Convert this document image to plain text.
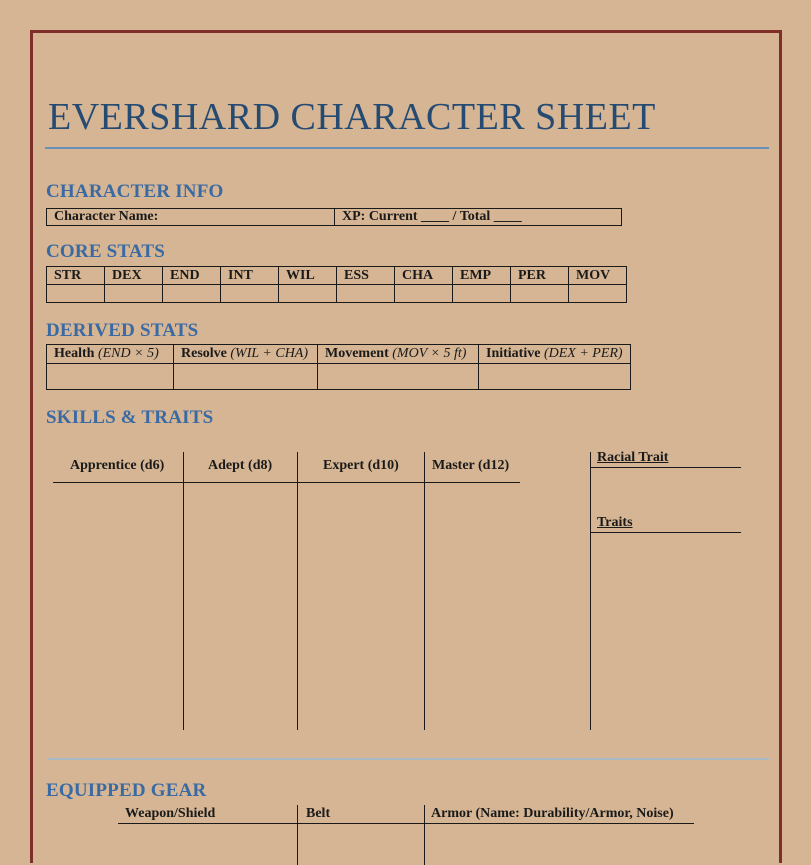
EVERSHARD CHARACTER SHEET
CHARACTER INFO
Character Name:	XP: Current ____ / Total ____
CORE STATS
STR	DEX	END	INT	WIL	ESS	CHA	EMP	PER	MOV

DERIVED STATS
Health (END × 5)	Resolve (WIL + CHA)	Movement (MOV × 5 ft)	Initiative (DEX + PER)

SKILLS & TRAITS
Apprentice (d6)	Adept (d8)	Expert (d10) Master (d12)
Racial Trait
Traits
EQUIPPED GEAR
Weapon/Shield	Belt	Armor (Name: Durability/Armor, Noise)
